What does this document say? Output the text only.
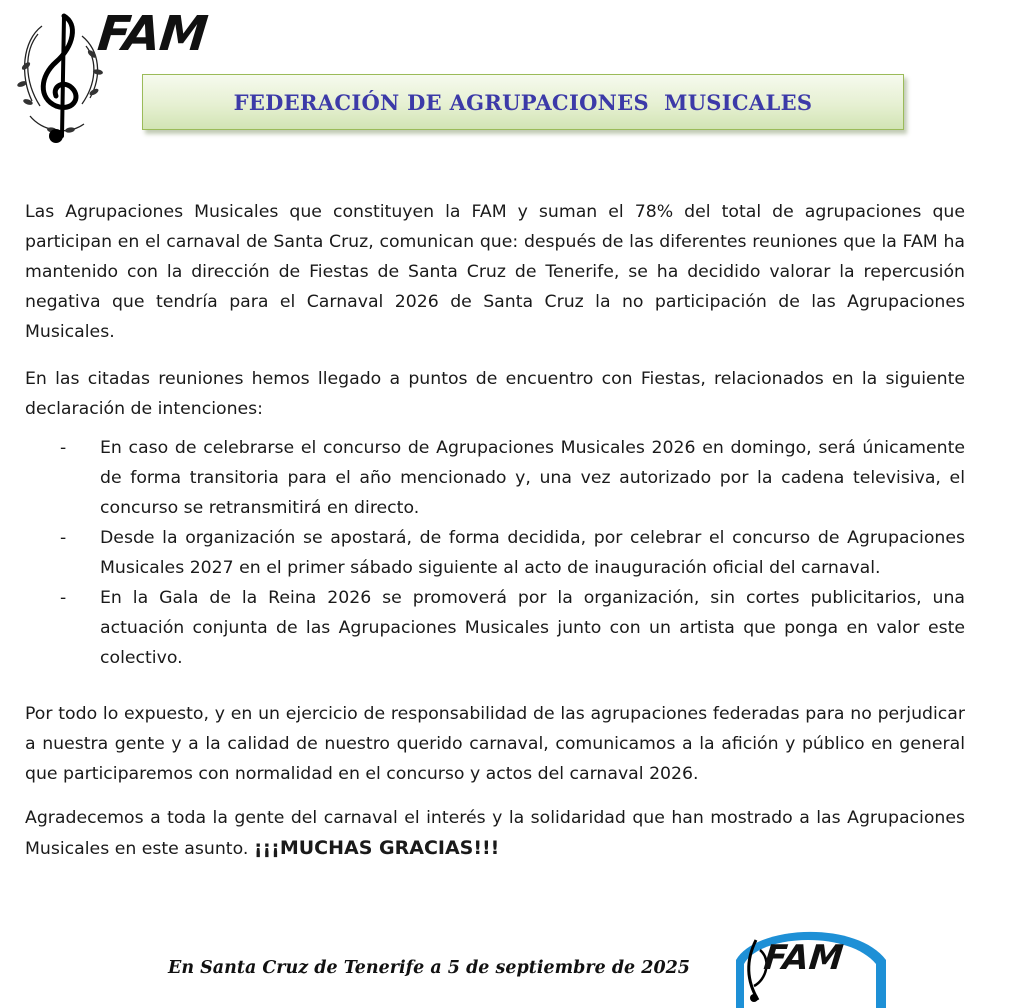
FAM
FEDERACIÓN DE AGRUPACIONES  MUSICALES

Las Agrupaciones Musicales que constituyen la FAM y suman el 78% del total de agrupaciones que participan en el carnaval de Santa Cruz, comunican que: después de las diferentes reuniones que la FAM ha mantenido con la dirección de Fiestas de Santa Cruz de Tenerife, se ha decidido valorar la repercusión negativa que tendría para el Carnaval 2026 de Santa Cruz la no participación de las Agrupaciones Musicales.

En las citadas reuniones hemos llegado a puntos de encuentro con Fiestas, relacionados en la siguiente declaración de intenciones:

- En caso de celebrarse el concurso de Agrupaciones Musicales 2026 en domingo, será únicamente de forma transitoria para el año mencionado y, una vez autorizado por la cadena televisiva, el concurso se retransmitirá en directo.
- Desde la organización se apostará, de forma decidida, por celebrar el concurso de Agrupaciones Musicales 2027 en el primer sábado siguiente al acto de inauguración oficial del carnaval.
- En la Gala de la Reina 2026 se promoverá por la organización, sin cortes publicitarios, una actuación conjunta de las Agrupaciones Musicales junto con un artista que ponga en valor este colectivo.

Por todo lo expuesto, y en un ejercicio de responsabilidad de las agrupaciones federadas para no perjudicar a nuestra gente y a la calidad de nuestro querido carnaval, comunicamos a la afición y público en general que participaremos con normalidad en el concurso y actos del carnaval 2026.

Agradecemos a toda la gente del carnaval el interés y la solidaridad que han mostrado a las Agrupaciones Musicales en este asunto. ¡¡¡MUCHAS GRACIAS!!!

En Santa Cruz de Tenerife a 5 de septiembre de 2025 FAM
